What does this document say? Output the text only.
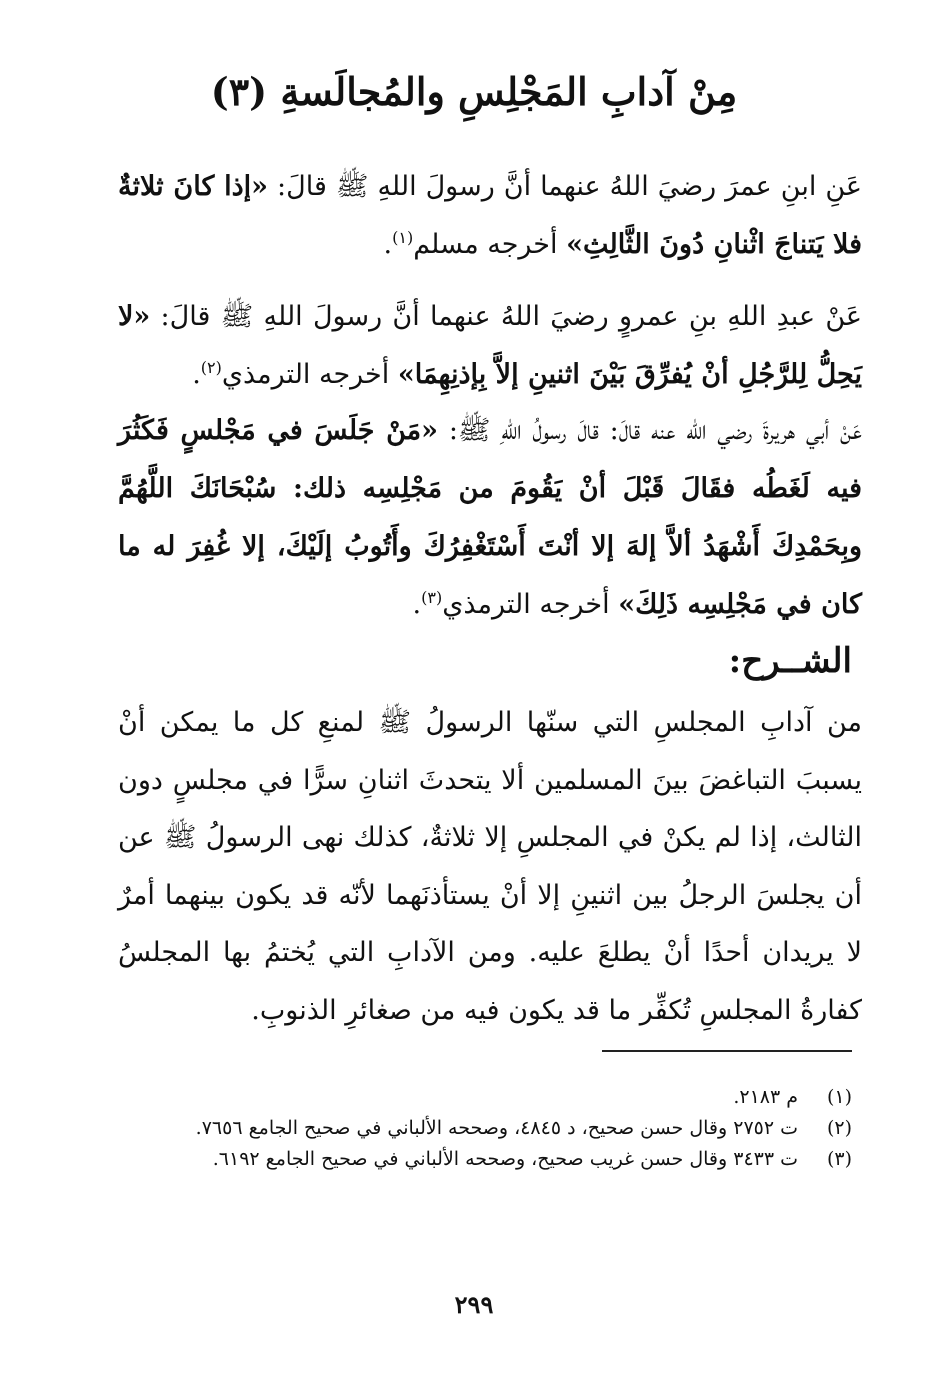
مِنْ آدابِ المَجْلِسِ والمُجالَسةِ (٣)

عَنِ ابنِ عمرَ رضيَ اللهُ عنهما أنَّ رسولَ اللهِ ﷺ قالَ: «إذا كانَ ثلاثةٌ فلا يَتناجَ اثْنانِ دُونَ الثَّالِثِ» أخرجه مسلم$^{(١)}$.

عَنْ عبدِ اللهِ بنِ عمروٍ رضيَ اللهُ عنهما أنَّ رسولَ اللهِ ﷺ قالَ: «لا يَحِلُّ لِلرَّجُلِ أنْ يُفرِّقَ بَيْنَ اثنينِ إلاَّ بِإذنِهِمَا» أخرجه الترمذي$^{(٢)}$.

عَنْ أبي هريرةَ رضي الله عنه قالَ: قالَ رسولُ اللهِ ﷺ: «مَنْ جَلَسَ في مَجْلسٍ فَكَثُرَ فيه لَغَطُه فقَالَ قَبْلَ أنْ يَقُومَ من مَجْلِسِه ذلك: سُبْحَانَكَ اللَّهُمَّ وبِحَمْدِكَ أَشْهَدُ ألاَّ إلهَ إلا أنْتَ أَسْتَغْفِرُكَ وأَتُوبُ إلَيْكَ، إلا غُفِرَ له ما كان في مَجْلِسِه ذَلِكَ» أخرجه الترمذي$^{(٣)}$.

الشــرح:

من آدابِ المجلسِ التي سنّها الرسولُ ﷺ لمنعِ كل ما يمكن أنْ يسببَ التباغضَ بينَ المسلمين ألا يتحدثَ اثنانِ سرًّا في مجلسٍ دون الثالث، إذا لم يكنْ في المجلسِ إلا ثلاثةٌ، كذلك نهى الرسولُ ﷺ عن أن يجلسَ الرجلُ بين اثنينِ إلا أنْ يستأذنَهما لأنّه قد يكون بينهما أمرٌ لا يريدان أحدًا أنْ يطلعَ عليه. ومن الآدابِ التي يُختمُ بها المجلسُ كفارةُ المجلسِ تُكفِّر ما قد يكون فيه من صغائرِ الذنوبِ.

(١)
م ٢١٨٣.
(٢)
ت ٢٧٥٢ وقال حسن صحيح، د ٤٨٤٥، وصححه الألباني في صحيح الجامع ٧٦٥٦.
(٣)
ت ٣٤٣٣ وقال حسن غريب صحيح، وصححه الألباني في صحيح الجامع ٦١٩٢.
٢٩٩
